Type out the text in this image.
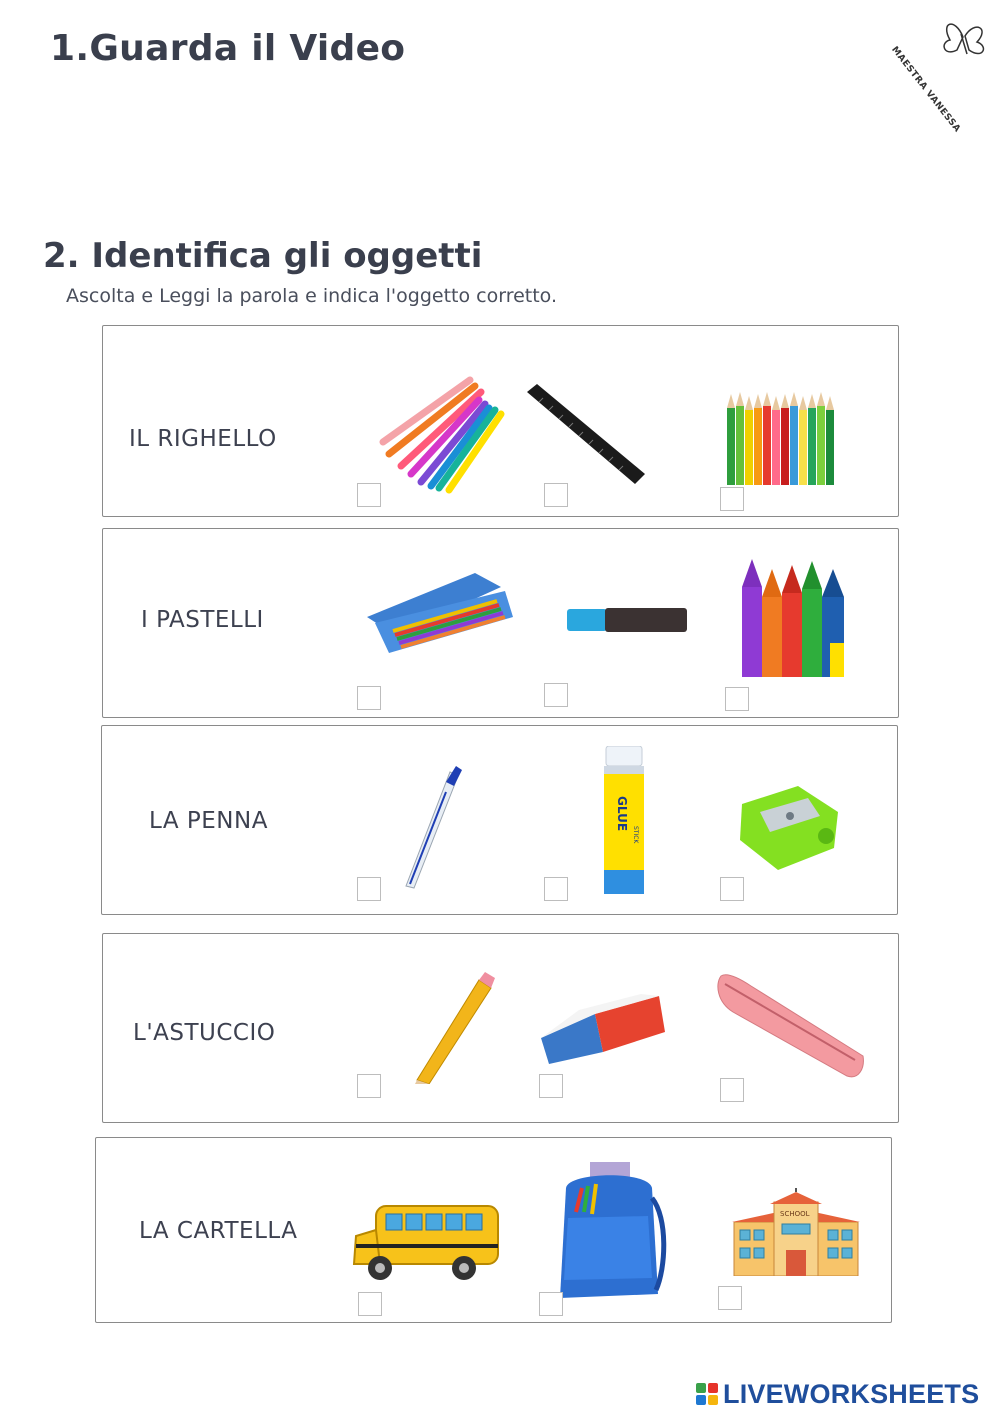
1.Guarda il Video	MAESTRA VANESSA
2. Identifica gli oggetti
Ascolta e Leggi la parola e indica l'oggetto corretto.
IL RIGHELLO
I PASTELLI
LA PENNA	GLUE
STICK
L'ASTUCCIO
LA CARTELLA
SCHOOL
LIVEWORKSHEETS
